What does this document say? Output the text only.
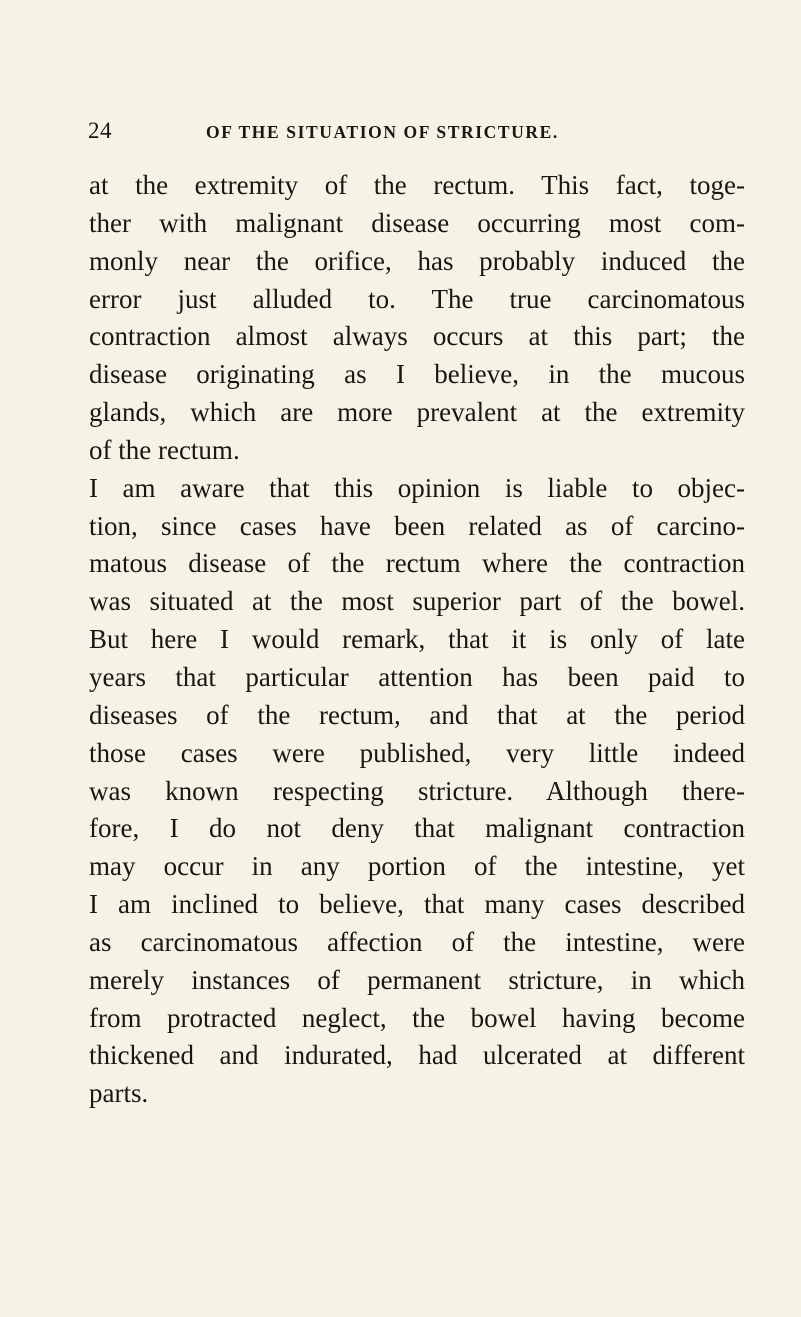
24	OF THE SITUATION OF STRICTURE.
at the extremity of the rectum. This fact, toge-
ther with malignant disease occurring most com-
monly near the orifice, has probably induced the
error just alluded to. The true carcinomatous
contraction almost always occurs at this part; the
disease originating as I believe, in the mucous
glands, which are more prevalent at the extremity
of the rectum.
I am aware that this opinion is liable to objec-
tion, since cases have been related as of carcino-
matous disease of the rectum where the contraction
was situated at the most superior part of the bowel.
But here I would remark, that it is only of late
years that particular attention has been paid to
diseases of the rectum, and that at the period
those cases were published, very little indeed
was known respecting stricture. Although there-
fore, I do not deny that malignant contraction
may occur in any portion of the intestine, yet
I am inclined to believe, that many cases described
as carcinomatous affection of the intestine, were
merely instances of permanent stricture, in which
from protracted neglect, the bowel having become
thickened and indurated, had ulcerated at different
parts.
